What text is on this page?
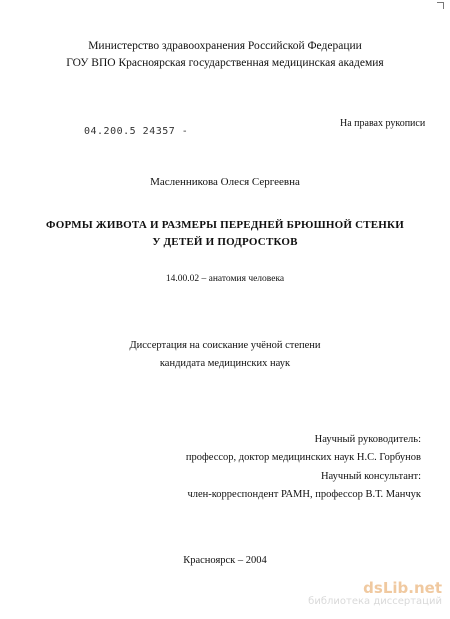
Министерство здравоохранения Российской Федерации
ГОУ ВПО Красноярская государственная медицинская академия
04.200.5 24357 -
На правах рукописи
Масленникова Олеся Сергеевна
ФОРМЫ ЖИВОТА И РАЗМЕРЫ ПЕРЕДНЕЙ БРЮШНОЙ СТЕНКИ
У ДЕТЕЙ И ПОДРОСТКОВ
14.00.02 – анатомия человека
Диссертация на соискание учёной степени
кандидата медицинских наук
Научный руководитель:
профессор, доктор медицинских наук Н.С. Горбунов
Научный консультант:
член-корреспондент РАМН, профессор В.Т. Манчук
Красноярск – 2004
dsLib.net
библиотека диссертаций
